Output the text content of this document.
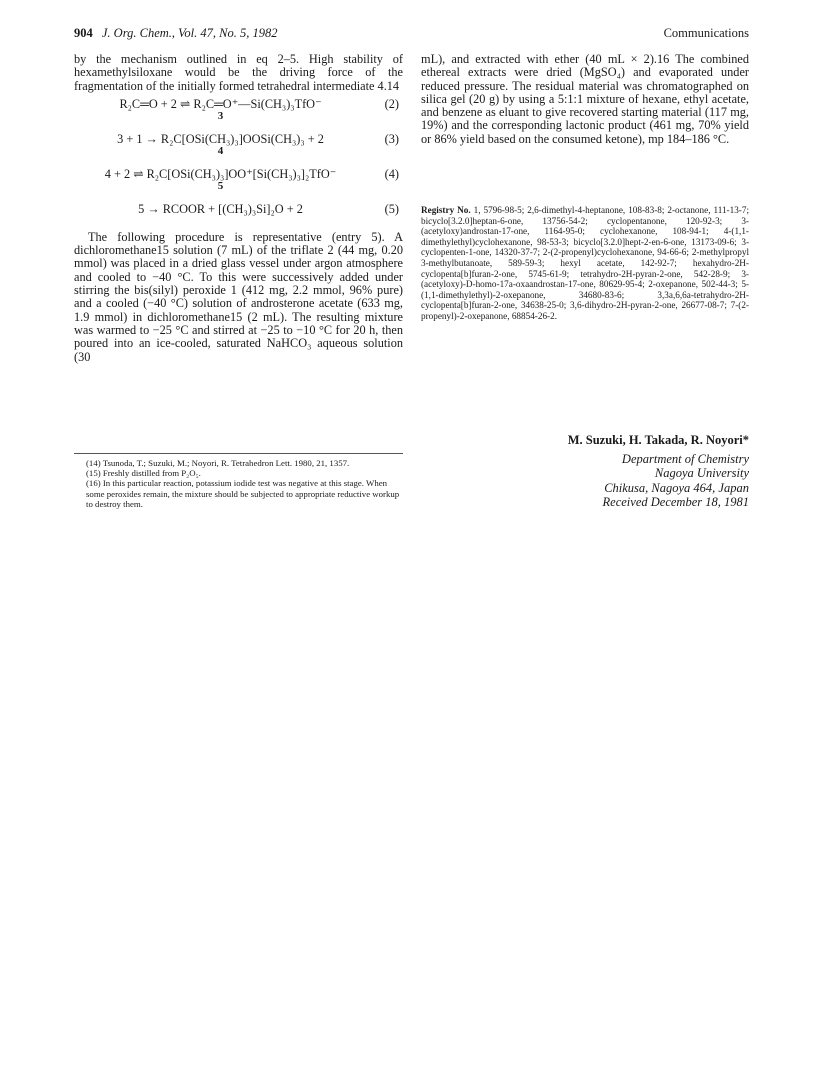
904 J. Org. Chem., Vol. 47, No. 5, 1982	Communications

by the mechanism outlined in eq 2–5. High stability of hexamethylsiloxane would be the driving force of the fragmentation of the initially formed tetrahedral intermediate 4.14

R₂C═O + 2 ⇌ R₂C═O⁺—Si(CH₃)₃TfO⁻
3
(2)
3 + 1 → R₂C[OSi(CH₃)₃]OOSi(CH₃)₃ + 2
4
(3)
4 + 2 ⇌ R₂C[OSi(CH₃)₃]OO⁺[Si(CH₃)₃]₂TfO⁻
5
(4)
5 → RCOOR + [(CH₃)₃Si]₂O + 2	(5)

The following procedure is representative (entry 5). A dichloromethane15 solution (7 mL) of the triflate 2 (44 mg, 0.20 mmol) was placed in a dried glass vessel under argon atmosphere and cooled to −40 °C. To this were successively added under stirring the bis(silyl) peroxide 1 (412 mg, 2.2 mmol, 96% pure) and a cooled (−40 °C) solution of androsterone acetate (633 mg, 1.9 mmol) in dichloromethane15 (2 mL). The resulting mixture was warmed to −25 °C and stirred at −25 to −10 °C for 20 h, then poured into an ice-cooled, saturated NaHCO₃ aqueous solution (30

(14) Tsunoda, T.; Suzuki, M.; Noyori, R. Tetrahedron Lett. 1980, 21, 1357.

(15) Freshly distilled from P₂O₅.

(16) In this particular reaction, potassium iodide test was negative at this stage. When some peroxides remain, the mixture should be subjected to appropriate reductive workup to destroy them.

mL), and extracted with ether (40 mL × 2).16 The combined ethereal extracts were dried (MgSO₄) and evaporated under reduced pressure. The residual material was chromatographed on silica gel (20 g) by using a 5:1:1 mixture of hexane, ethyl acetate, and benzene as eluant to give recovered starting material (117 mg, 19%) and the corresponding lactonic product (461 mg, 70% yield or 86% yield based on the consumed ketone), mp 184–186 °C.

Registry No. 1, 5796-98-5; 2,6-dimethyl-4-heptanone, 108-83-8; 2-octanone, 111-13-7; bicyclo[3.2.0]heptan-6-one, 13756-54-2; cyclopentanone, 120-92-3; 3-(acetyloxy)androstan-17-one, 1164-95-0; cyclohexanone, 108-94-1; 4-(1,1-dimethylethyl)cyclohexanone, 98-53-3; bicyclo[3.2.0]hept-2-en-6-one, 13173-09-6; 3-cyclopenten-1-one, 14320-37-7; 2-(2-propenyl)cyclohexanone, 94-66-6; 2-methylpropyl 3-methylbutanoate, 589-59-3; hexyl acetate, 142-92-7; hexahydro-2H-cyclopenta[b]furan-2-one, 5745-61-9; tetrahydro-2H-pyran-2-one, 542-28-9; 3-(acetyloxy)-D-homo-17a-oxaandrostan-17-one, 80629-95-4; 2-oxepanone, 502-44-3; 5-(1,1-dimethylethyl)-2-oxepanone, 34680-83-6; 3,3a,6,6a-tetrahydro-2H-cyclopenta[b]furan-2-one, 34638-25-0; 3,6-dihydro-2H-pyran-2-one, 26677-08-7; 7-(2-propenyl)-2-oxepanone, 68854-26-2.
M. Suzuki, H. Takada, R. Noyori*
Department of Chemistry
Nagoya University
Chikusa, Nagoya 464, Japan
Received December 18, 1981
